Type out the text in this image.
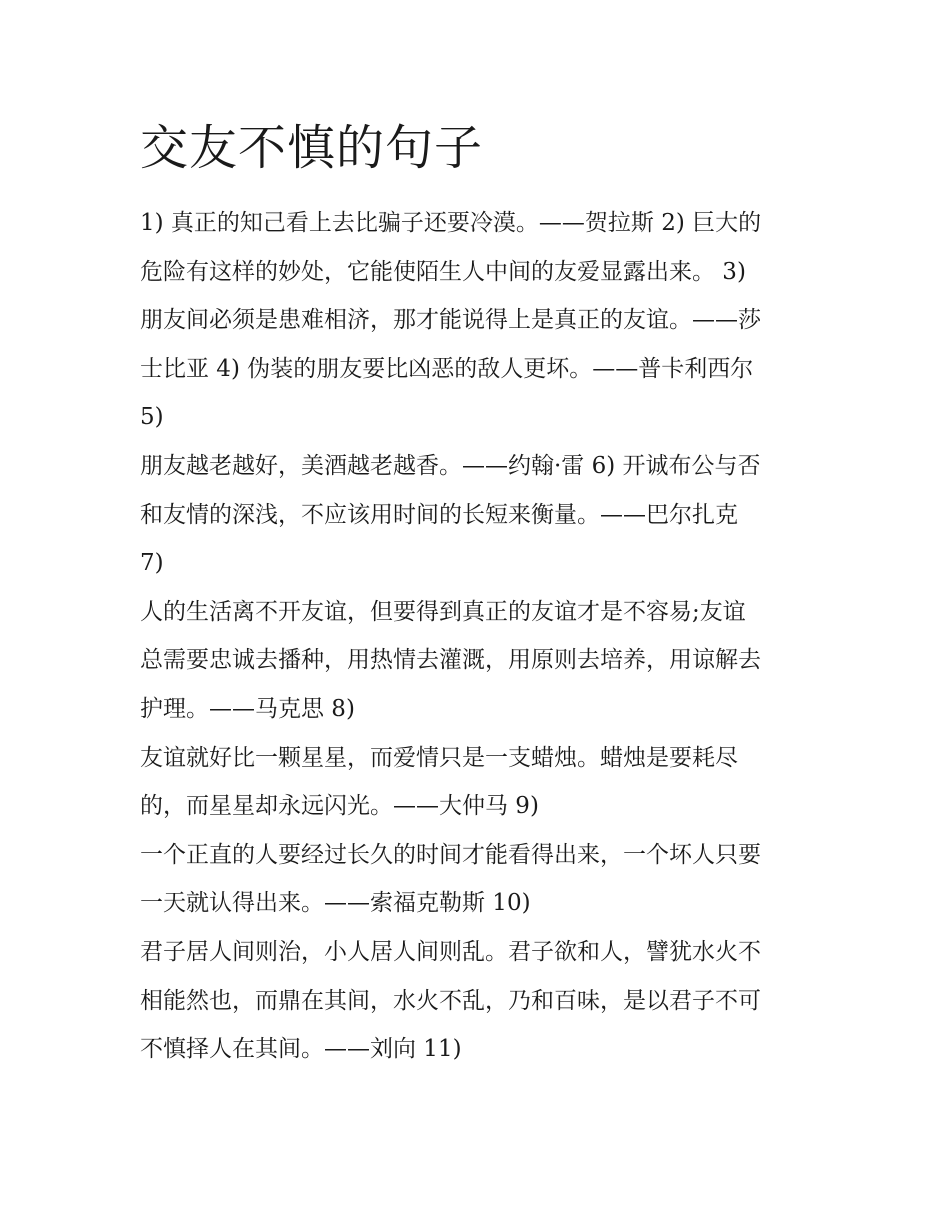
交友不慎的句子
1) 真正的知己看上去比骗子还要冷漠。——贺拉斯 2) 巨大的
危险有这样的妙处，它能使陌生人中间的友爱显露出来。 3)
朋友间必须是患难相济，那才能说得上是真正的友谊。——莎
士比亚 4) 伪装的朋友要比凶恶的敌人更坏。——普卡利西尔
5)
朋友越老越好，美酒越老越香。——约翰·雷 6) 开诚布公与否
和友情的深浅，不应该用时间的长短来衡量。——巴尔扎克
7)
人的生活离不开友谊，但要得到真正的友谊才是不容易;友谊
总需要忠诚去播种，用热情去灌溉，用原则去培养，用谅解去
护理。——马克思 8)
友谊就好比一颗星星，而爱情只是一支蜡烛。蜡烛是要耗尽
的，而星星却永远闪光。——大仲马 9)
一个正直的人要经过长久的时间才能看得出来，一个坏人只要
一天就认得出来。——索福克勒斯 10)
君子居人间则治，小人居人间则乱。君子欲和人，譬犹水火不
相能然也，而鼎在其间，水火不乱，乃和百味，是以君子不可
不慎择人在其间。——刘向 11)
